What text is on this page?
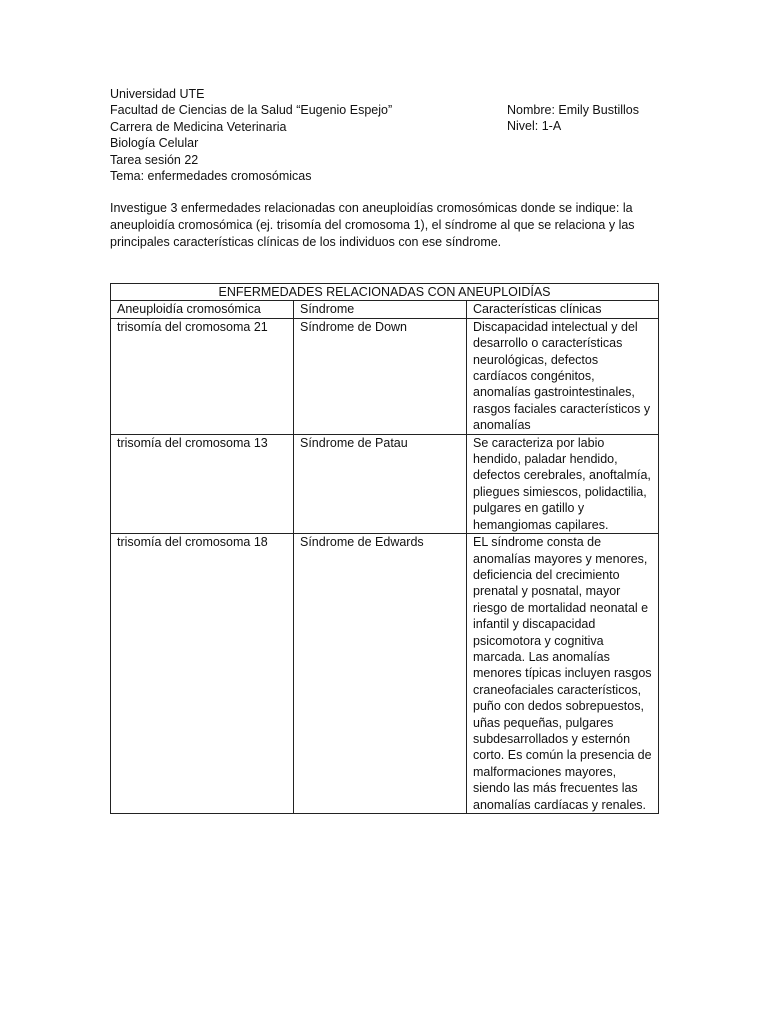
Universidad UTE
Facultad de Ciencias de la Salud “Eugenio Espejo”
Carrera de Medicina Veterinaria
Biología Celular
Tarea sesión 22
Tema: enfermedades cromosómicas
Nombre: Emily Bustillos
Nivel: 1-A

Investigue 3 enfermedades relacionadas con aneuploidías cromosómicas donde se indique: la aneuploidía cromosómica (ej. trisomía del cromosoma 1), el síndrome al que se relaciona y las principales características clínicas de los individuos con ese síndrome.

ENFERMEDADES RELACIONADAS CON ANEUPLOIDÍAS		
Aneuploidía cromosómica	Síndrome	Características clínicas
trisomía del cromosoma 21	Síndrome de Down	Discapacidad intelectual y del desarrollo o características neurológicas, defectos cardíacos congénitos, anomalías gastrointestinales, rasgos faciales característicos y anomalías
trisomía del cromosoma 13	Síndrome de Patau	Se caracteriza por labio hendido, paladar hendido, defectos cerebrales, anoftalmía, pliegues simiescos, polidactilia, pulgares en gatillo y hemangiomas capilares.
trisomía del cromosoma 18	Síndrome de Edwards	EL síndrome consta de anomalías mayores y menores, deficiencia del crecimiento prenatal y posnatal, mayor riesgo de mortalidad neonatal e infantil y discapacidad psicomotora y cognitiva marcada. Las anomalías menores típicas incluyen rasgos craneofaciales característicos, puño con dedos sobrepuestos, uñas pequeñas, pulgares subdesarrollados y esternón corto. Es común la presencia de malformaciones mayores, siendo las más frecuentes las anomalías cardíacas y renales.
